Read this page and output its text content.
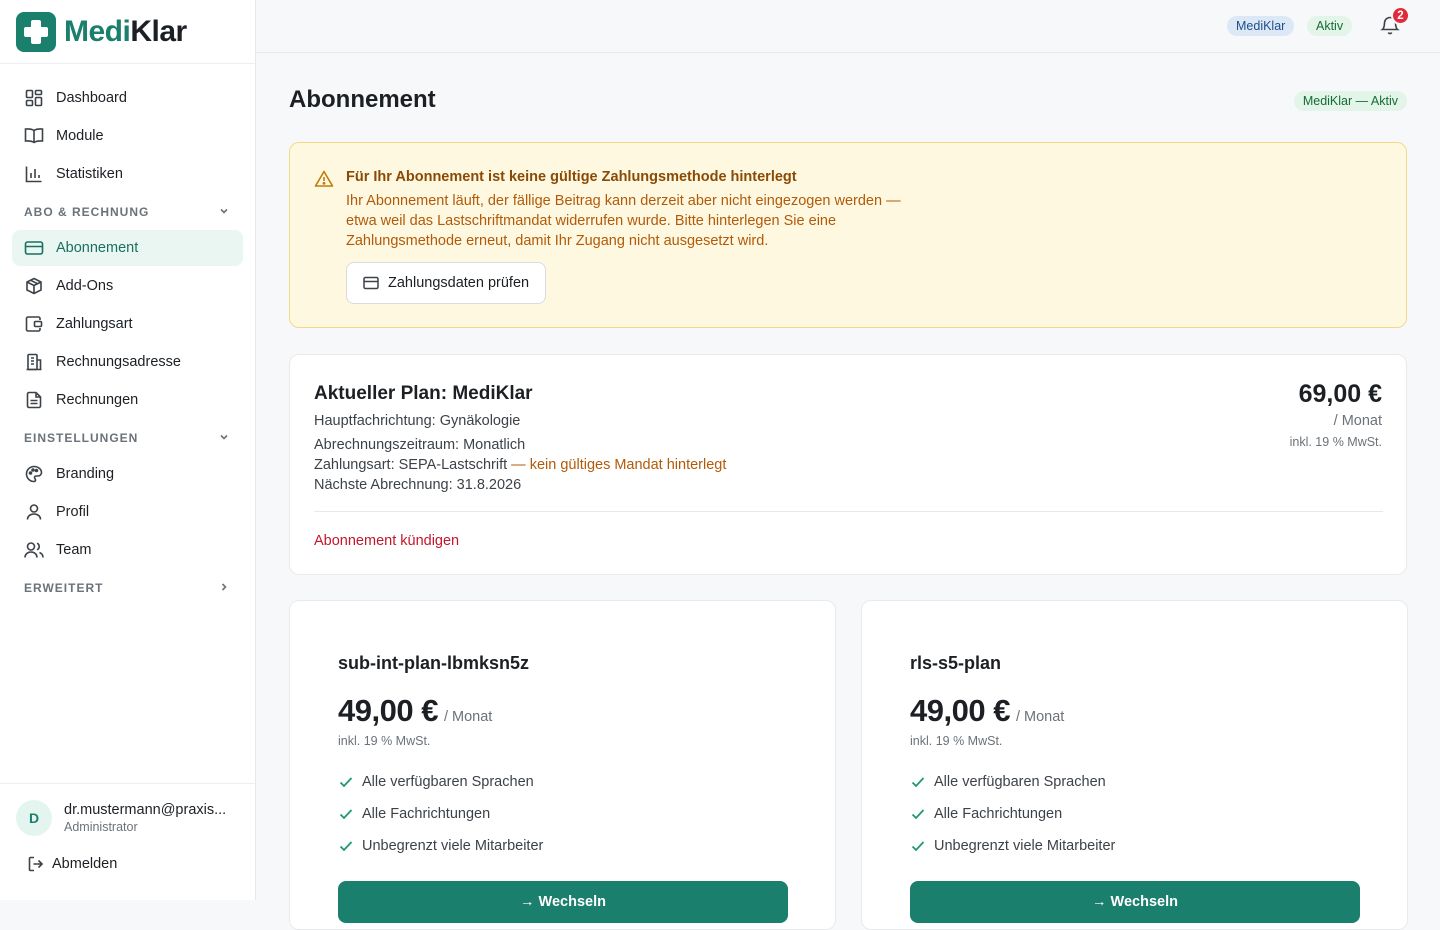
MediKlar
Dashboard
Module
Statistiken
ABO & RECHNUNG
Abonnement
Add-Ons
Zahlungsart
Rechnungsadresse
Rechnungen
EINSTELLUNGEN
Branding
Profil
Team
ERWEITERT
D	dr.mustermann@praxis...
Administrator
Abmelden
MediKlar	Aktiv
2
Abonnement	MediKlar — Aktiv
Für Ihr Abonnement ist keine gültige Zahlungsmethode hinterlegt
Ihr Abonnement läuft, der fällige Beitrag kann derzeit aber nicht eingezogen werden — etwa weil das Lastschriftmandat widerrufen wurde. Bitte hinterlegen Sie eine Zahlungsmethode erneut, damit Ihr Zugang nicht ausgesetzt wird.
Zahlungsdaten prüfen
Aktueller Plan: MediKlar
Hauptfachrichtung: Gynäkologie
Abrechnungszeitraum: Monatlich
Zahlungsart: SEPA-Lastschrift — kein gültiges Mandat hinterlegt
Nächste Abrechnung: 31.8.2026
69,00 €
/ Monat
inkl. 19 % MwSt.
Abonnement kündigen
sub-int-plan-lbmksn5z
49,00 € / Monat
inkl. 19 % MwSt.
Alle verfügbaren Sprachen
Alle Fachrichtungen
Unbegrenzt viele Mitarbeiter
→ Wechseln
rls-s5-plan
49,00 € / Monat
inkl. 19 % MwSt.
Alle verfügbaren Sprachen
Alle Fachrichtungen
Unbegrenzt viele Mitarbeiter
→ Wechseln
